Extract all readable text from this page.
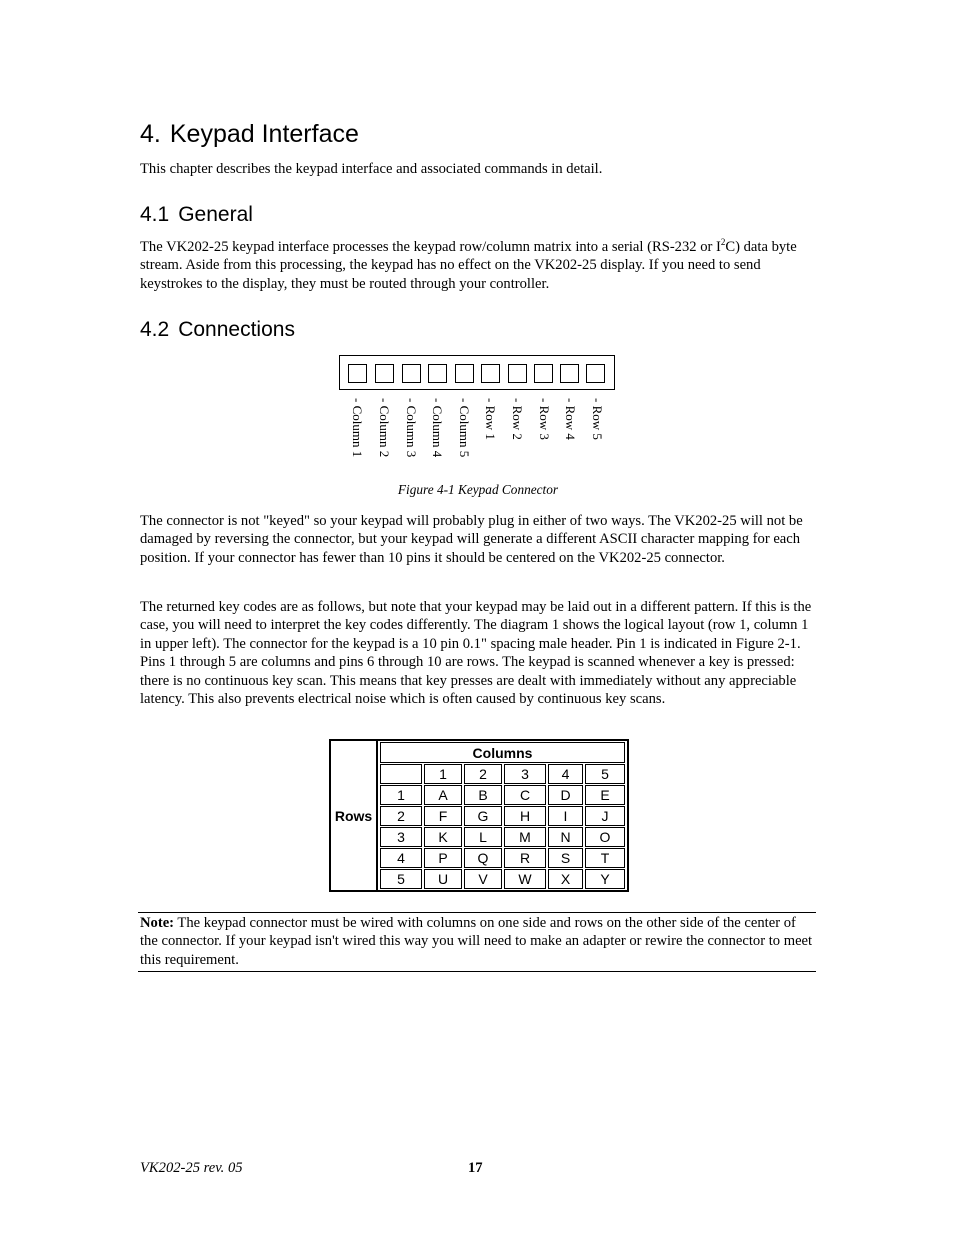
4. Keypad Interface
This chapter describes the keypad interface and associated commands in detail.
4.1 General
The VK202-25 keypad interface processes the keypad row/column matrix into a serial (RS-232 or $I^2C$) data byte stream. Aside from this processing, the keypad has no effect on the VK202-25 display. If you need to send keystrokes to the display, they must be routed through your controller.
4.2 Connections
- Column 1 - Column 2 - Column 3 - Column 4 - Column 5 - Row 1 - Row 2 - Row 3 - Row 4 - Row 5
Figure 4-1 Keypad Connector
The connector is not "keyed" so your keypad will probably plug in either of two ways. The VK202-25 will not be damaged by reversing the connector, but your keypad will generate a different ASCII character mapping for each position. If your connector has fewer than 10 pins it should be centered on the VK202-25 connector.
The returned key codes are as follows, but note that your keypad may be laid out in a different pattern. If this is the case, you will need to interpret the key codes differently. The diagram 1 shows the logical layout (row 1, column 1 in upper left). The connector for the keypad is a 10 pin 0.1" spacing male header. Pin 1 is indicated in Figure 2-1. Pins 1 through 5 are columns and pins 6 through 10 are rows. The keypad is scanned whenever a key is pressed: there is no continuous key scan. This means that key presses are dealt with immediately without any appreciable latency. This also prevents electrical noise which is often caused by continuous key scans.
Rows	
Columns
	1	2	3	4	5
1	A	B	C	D	E
2	F	G	H	I	J
3	K	L	M	N	O
4	P	Q	R	S	T
5	U	V	W	X	Y
Note: The keypad connector must be wired with columns on one side and rows on the other side of the center of the connector. If your keypad isn't wired this way you will need to make an adapter or rewire the connector to meet this requirement.
VK202-25 rev. 05	17
